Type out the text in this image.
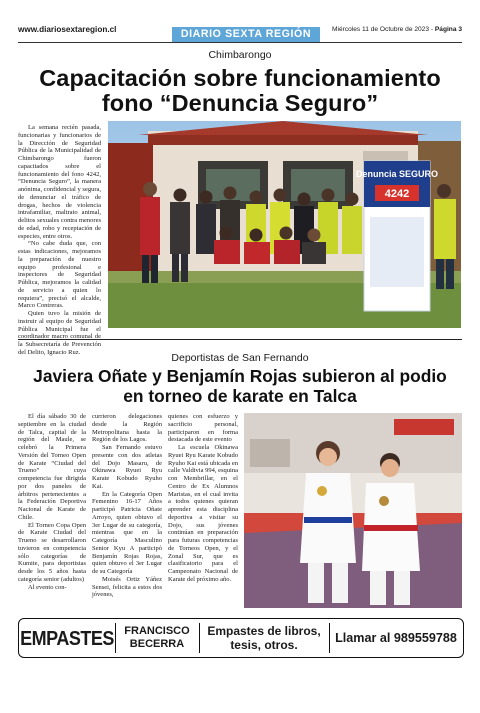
www.diariosextaregion.cl	DIARIO SEXTA REGIÓN	Miércoles 11 de Octubre de 2023 - Página 3
Chimbarongo
Capacitación sobre funcionamiento
fono “Denuncia Seguro”

La semana recién pasada, funcionarias y funcionarios de la Dirección de Seguridad Pública de la Municipalidad de Chimbarongo fueron capacitados sobre el funcionamiento del fono 4242, “Denuncia Seguro”, la manera anónima, confidencial y segura, de denunciar el tráfico de drogas, hechos de violencia intrafamiliar, maltrato animal, delitos sexuales contra menores de edad, robo y receptación de especies, entre otros.

“No cabe duda que, con estas indicaciones, mejoramos la preparación de nuestro equipo profesional e inspectores de Seguridad Pública, mejoramos la calidad de servicio a quien lo requiera”, precisó el alcalde, Marco Contreras.

Quien tuvo la misión de instruir al equipo de Seguridad Pública Municipal fue el coordinador macro comunal de la Subsecretaría de Prevención del Delito, Ignacio Ruz.

Denuncia SEGURO
4242
Deportistas de San Fernando
Javiera Oñate y Benjamín Rojas subieron al podio
en torneo de karate en Talca

El día sábado 30 de septiembre en la ciudad de Talca, capital de la región del Maule, se celebró la Primera Versión del Torneo Open de Karate “Ciudad del Trueno” cuya competencia fue dirigida por dos paneles de árbitros pertenecientes a la Federación Deportiva Nacional de Karate de Chile.

El Torneo Copa Open de Karate Ciudad del Trueno se desarrollaron tuvieron en competencia sólo categorías de Kumite, para deportistas desde los 5 años hasta categoría senior (adultos)

Al evento con-

currieron delegaciones desde la Región Metropolitana hasta la Región de los Lagos.

San Fernando estuvo presente con dos atletas del Dojo Masaru, de Okinawa Ryuei Ryu Karate Kobudo Ryuho Kai.

En la Categoría Open Femenino 16-17 Años participó Patricia Oñate Arroyo, quien obtuvo el 3er Lugar de su categoría, mientras que en la Categoría Masculino Senior Kyu A participó Benjamín Rojas Rojas, quien obtuvo el 3er Lugar de su Categoría

Moisés Ortiz Yáñez Sensei, felicita a estos dos jóvenes,

quienes con esfuerzo y sacrificio personal, participaron en forma destacada de este evento

La escuela Okinawa Ryuei Ryu Karate Kobudo Ryuho Kai está ubicada en calle Valdivia 994, esquina con Membrillar, en el Centro de Ex Alumnos Maristas, en el cual invita a todos quienes quieran aprender esta disciplina deportiva a visitar su Dojo, sus jóvenes continúan en preparación para futuras competencias de Torneos Open, y el Zonal Sur, que es clasificatorio para el Campeonato Nacional de Karate del próximo año.

EMPASTES FRANCISCO
BECERRA
Empastes de libros,
tesis, otros.	Llamar al 989559788
